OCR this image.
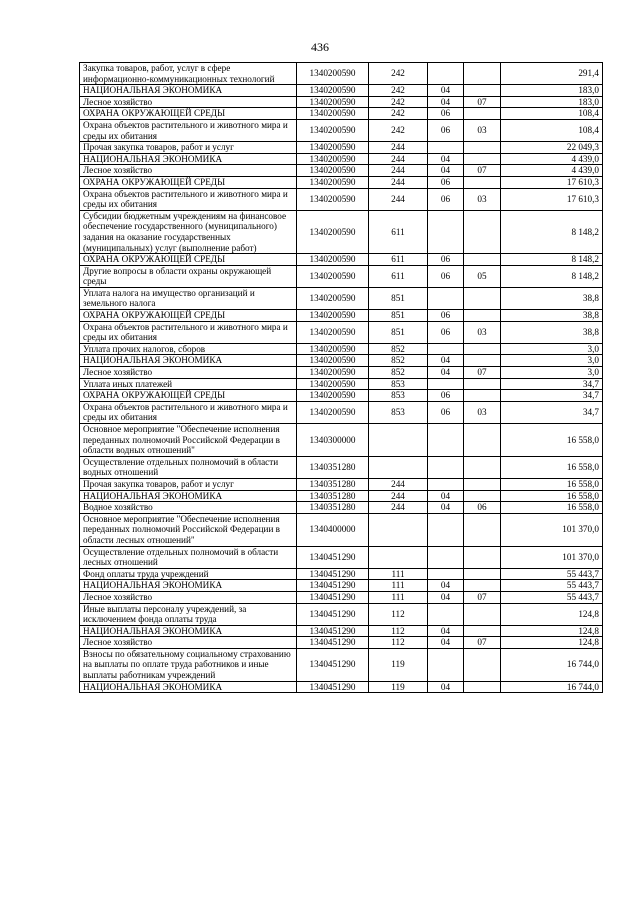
436
Закупка товаров, работ, услуг в сфере информационно-коммуникационных технологий	1340200590	242			291,4
НАЦИОНАЛЬНАЯ ЭКОНОМИКА	1340200590	242	04		183,0
Лесное хозяйство	1340200590	242	04	07	183,0
ОХРАНА ОКРУЖАЮЩЕЙ СРЕДЫ	1340200590	242	06		108,4
Охрана объектов растительного и животного мира и среды их обитания	1340200590	242	06	03	108,4
Прочая закупка товаров, работ и услуг	1340200590	244			22 049,3
НАЦИОНАЛЬНАЯ ЭКОНОМИКА	1340200590	244	04		4 439,0
Лесное хозяйство	1340200590	244	04	07	4 439,0
ОХРАНА ОКРУЖАЮЩЕЙ СРЕДЫ	1340200590	244	06		17 610,3
Охрана объектов растительного и животного мира и среды их обитания	1340200590	244	06	03	17 610,3
Субсидии бюджетным учреждениям на финансовое обеспечение государственного (муниципального) задания на оказание государственных (муниципальных) услуг (выполнение работ)	1340200590	611			8 148,2
ОХРАНА ОКРУЖАЮЩЕЙ СРЕДЫ	1340200590	611	06		8 148,2
Другие вопросы в области охраны окружающей среды	1340200590	611	06	05	8 148,2
Уплата налога на имущество организаций и земельного налога	1340200590	851			38,8
ОХРАНА ОКРУЖАЮЩЕЙ СРЕДЫ	1340200590	851	06		38,8
Охрана объектов растительного и животного мира и среды их обитания	1340200590	851	06	03	38,8
Уплата прочих налогов, сборов	1340200590	852			3,0
НАЦИОНАЛЬНАЯ ЭКОНОМИКА	1340200590	852	04		3,0
Лесное хозяйство	1340200590	852	04	07	3,0
Уплата иных платежей	1340200590	853			34,7
ОХРАНА ОКРУЖАЮЩЕЙ СРЕДЫ	1340200590	853	06		34,7
Охрана объектов растительного и животного мира и среды их обитания	1340200590	853	06	03	34,7
Основное мероприятие "Обеспечение исполнения переданных полномочий Российской Федерации в области водных отношений"	1340300000				16 558,0
Осуществление отдельных полномочий в области водных отношений	1340351280				16 558,0
Прочая закупка товаров, работ и услуг	1340351280	244			16 558,0
НАЦИОНАЛЬНАЯ ЭКОНОМИКА	1340351280	244	04		16 558,0
Водное хозяйство	1340351280	244	04	06	16 558,0
Основное мероприятие "Обеспечение исполнения переданных полномочий Российской Федерации в области лесных отношений"	1340400000				101 370,0
Осуществление отдельных полномочий в области лесных отношений	1340451290				101 370,0
Фонд оплаты труда учреждений	1340451290	111			55 443,7
НАЦИОНАЛЬНАЯ ЭКОНОМИКА	1340451290	111	04		55 443,7
Лесное хозяйство	1340451290	111	04	07	55 443,7
Иные выплаты персоналу учреждений, за исключением фонда оплаты труда	1340451290	112			124,8
НАЦИОНАЛЬНАЯ ЭКОНОМИКА	1340451290	112	04		124,8
Лесное хозяйство	1340451290	112	04	07	124,8
Взносы по обязательному социальному страхованию на выплаты по оплате труда работников и иные выплаты работникам учреждений	1340451290	119			16 744,0
НАЦИОНАЛЬНАЯ ЭКОНОМИКА	1340451290	119	04		16 744,0
